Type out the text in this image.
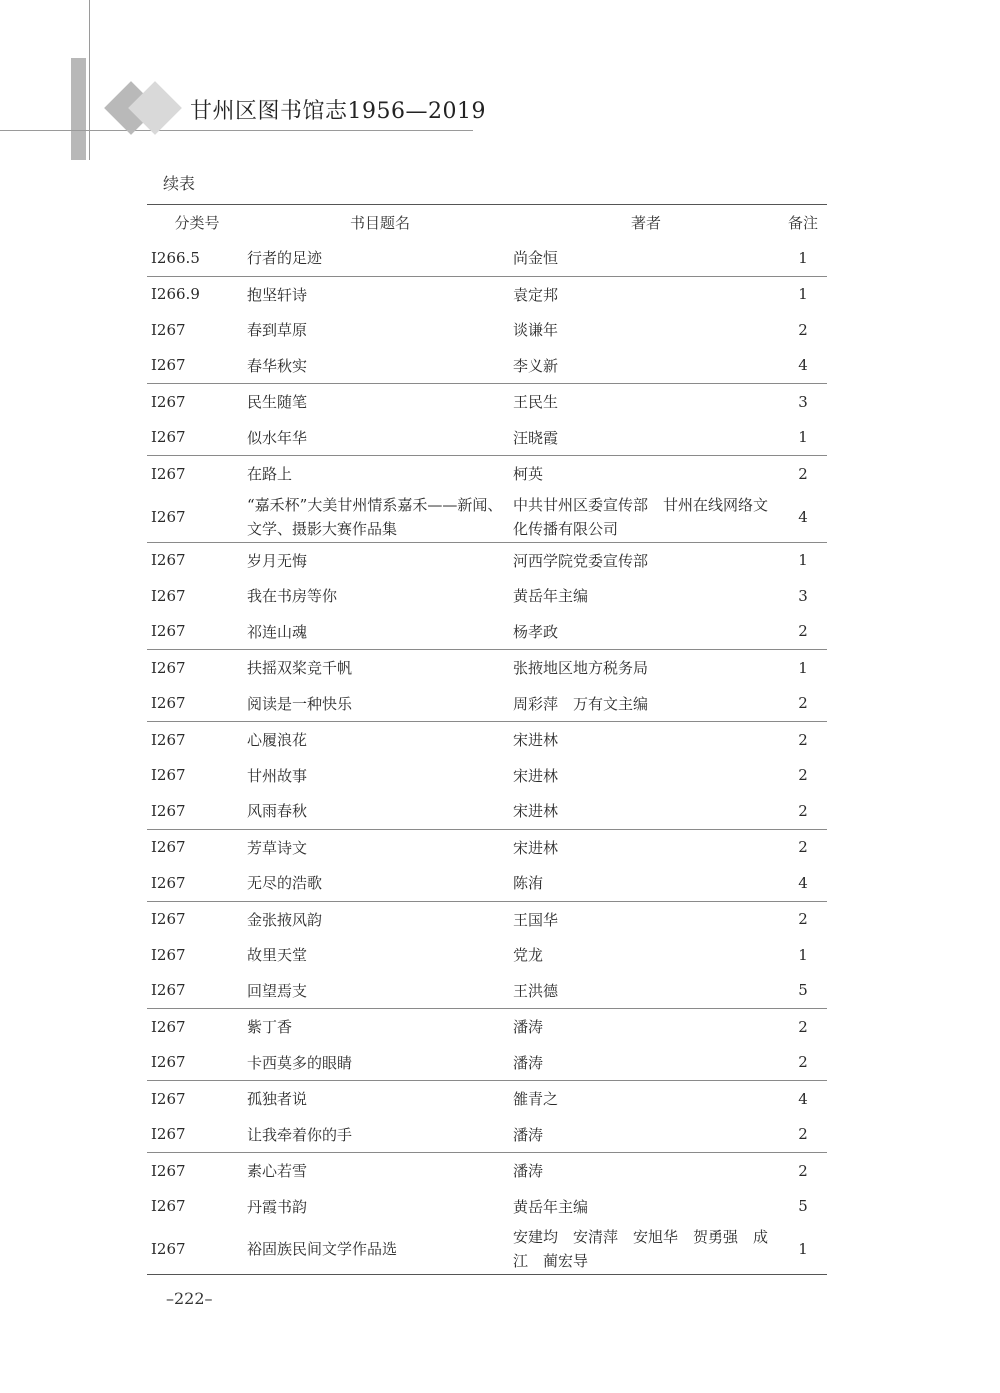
甘州区图书馆志1956—2019
续表
分类号	书目题名	著者	备注
I266.5	行者的足迹	尚金恒	1
I266.9	抱坚轩诗	袁定邦	1
I267	春到草原	谈谦年	2
I267	春华秋实	李义新	4
I267	民生随笔	王民生	3
I267	似水年华	汪晓霞	1
I267	在路上	柯英	2
I267	“嘉禾杯”大美甘州情系嘉禾——新闻、文学、摄影大赛作品集	中共甘州区委宣传部　甘州在线网络文化传播有限公司	4
I267	岁月无悔	河西学院党委宣传部	1
I267	我在书房等你	黄岳年主编	3
I267	祁连山魂	杨孝政	2
I267	扶摇双桨竞千帆	张掖地区地方税务局	1
I267	阅读是一种快乐	周彩萍　万有文主编	2
I267	心履浪花	宋进林	2
I267	甘州故事	宋进林	2
I267	风雨春秋	宋进林	2
I267	芳草诗文	宋进林	2
I267	无尽的浩歌	陈洧	4
I267	金张掖风韵	王国华	2
I267	故里天堂	党龙	1
I267	回望焉支	王洪德	5
I267	紫丁香	潘涛	2
I267	卡西莫多的眼睛	潘涛	2
I267	孤独者说	雒青之	4
I267	让我牵着你的手	潘涛	2
I267	素心若雪	潘涛	2
I267	丹霞书韵	黄岳年主编	5
I267	裕固族民间文学作品选	安建均　安清萍　安旭华　贺勇强　成　江　蔺宏导	1
–222–
